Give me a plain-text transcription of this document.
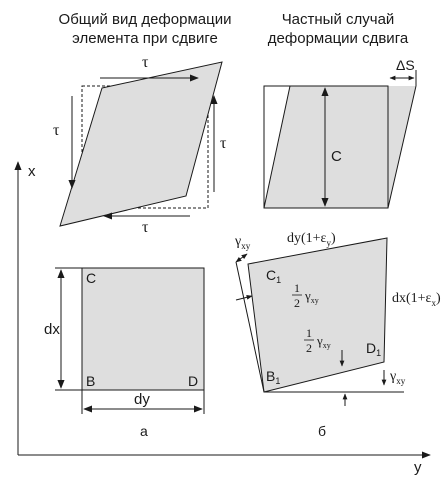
x
y
τ
τ
τ
τ
ΔS
C
dx
dy
C
B	D
а
$\gamma_{xy}$
$\gamma_{xy}$
$dy(1+\varepsilon_y)$
$dx(1+\varepsilon_x)$
$C_1$
$B_1$
$D_1$
1
2 $\gamma_{xy}$
1
2 $\gamma_{xy}$
б
Общий вид деформации
элемента при сдвиге
Частный случай
деформации сдвига
